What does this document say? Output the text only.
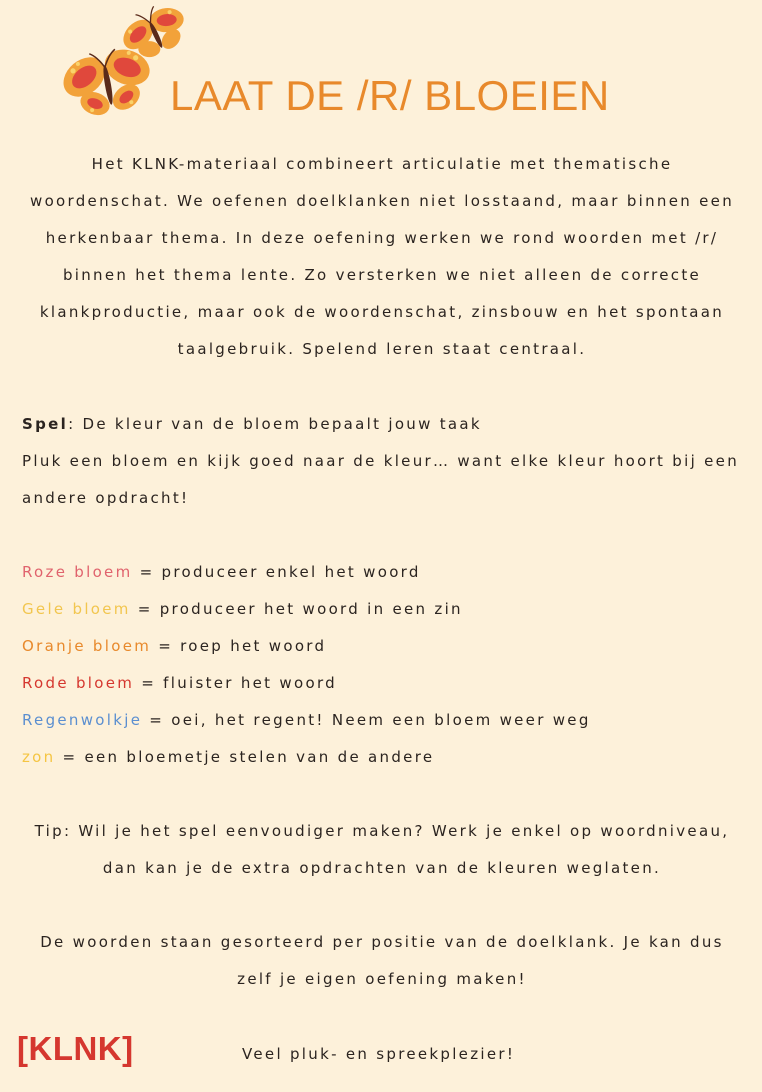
LAAT DE /R/ BLOEIEN

Het KLNK-materiaal combineert articulatie met thematische woordenschat. We oefenen doelklanken niet losstaand, maar binnen een herkenbaar thema. In deze oefening werken we rond woorden met /r/ binnen het thema lente. Zo versterken we niet alleen de correcte klankproductie, maar ook de woordenschat, zinsbouw en het spontaan taalgebruik. Spelend leren staat centraal.

Spel: De kleur van de bloem bepaalt jouw taak
Pluk een bloem en kijk goed naar de kleur… want elke kleur hoort bij een andere opdracht!
Roze bloem = produceer enkel het woord
Gele bloem = produceer het woord in een zin
Oranje bloem = roep het woord
Rode bloem = fluister het woord
Regenwolkje = oei, het regent! Neem een bloem weer weg
zon = een bloemetje stelen van de andere

Tip: Wil je het spel eenvoudiger maken? Werk je enkel op woordniveau, dan kan je de extra opdrachten van de kleuren weglaten.

De woorden staan gesorteerd per positie van de doelklank. Je kan dus zelf je eigen oefening maken!

[KLNK]	Veel pluk- en spreekplezier!
